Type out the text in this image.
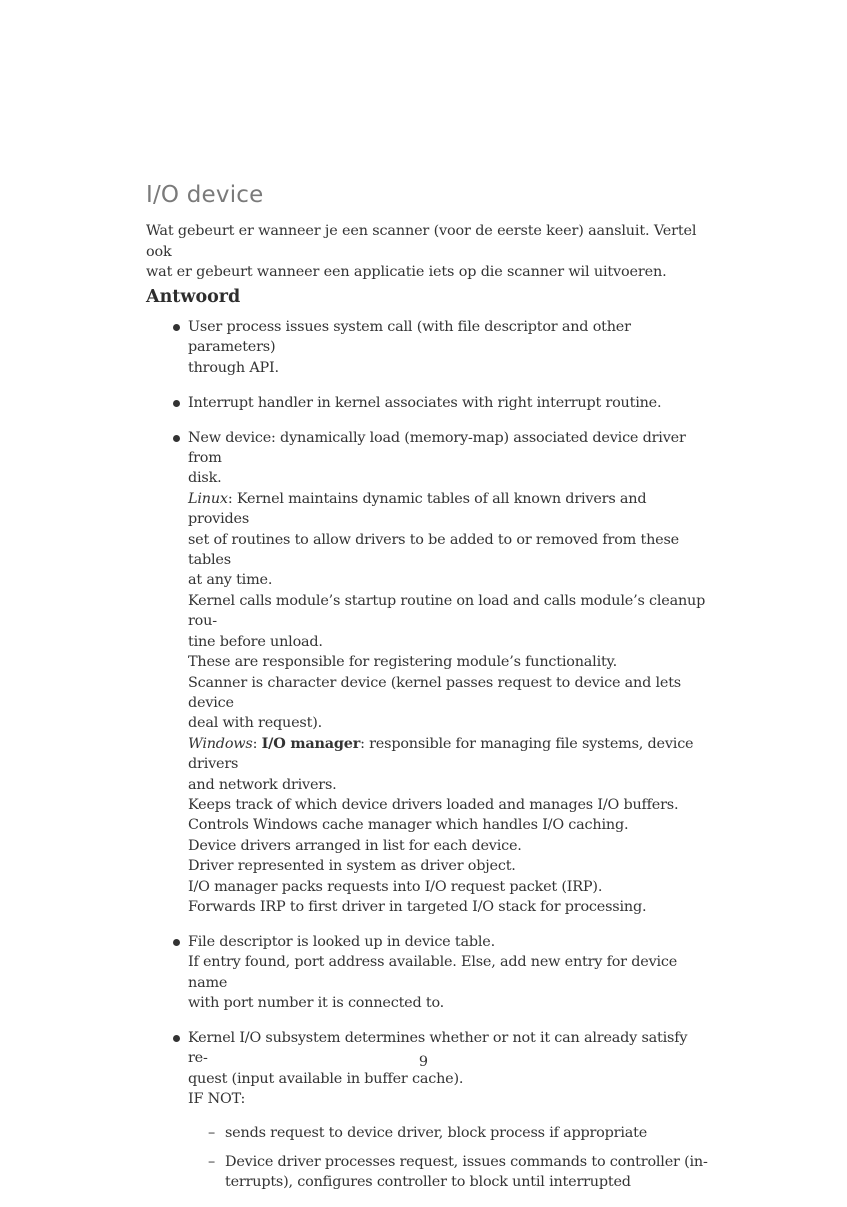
I/O device

Wat gebeurt er wanneer je een scanner (voor de eerste keer) aansluit. Vertel ook
wat er gebeurt wanneer een applicatie iets op die scanner wil uitvoeren.

Antwoord
User process issues system call (with file descriptor and other parameters)
through API.
Interrupt handler in kernel associates with right interrupt routine.
New device: dynamically load (memory-map) associated device driver from
disk.
Linux: Kernel maintains dynamic tables of all known drivers and provides
set of routines to allow drivers to be added to or removed from these tables
at any time.
Kernel calls module’s startup routine on load and calls module’s cleanup rou-
tine before unload.
These are responsible for registering module’s functionality.
Scanner is character device (kernel passes request to device and lets device
deal with request).
Windows: I/O manager: responsible for managing file systems, device drivers
and network drivers.
Keeps track of which device drivers loaded and manages I/O buffers.
Controls Windows cache manager which handles I/O caching.
Device drivers arranged in list for each device.
Driver represented in system as driver object.
I/O manager packs requests into I/O request packet (IRP).
Forwards IRP to first driver in targeted I/O stack for processing.
File descriptor is looked up in device table.
If entry found, port address available. Else, add new entry for device name
with port number it is connected to.
Kernel I/O subsystem determines whether or not it can already satisfy re-
quest (input available in buffer cache).
IF NOT:
– sends request to device driver, block process if appropriate
– Device driver processes request, issues commands to controller (in-
terrupts), configures controller to block until interrupted
9
